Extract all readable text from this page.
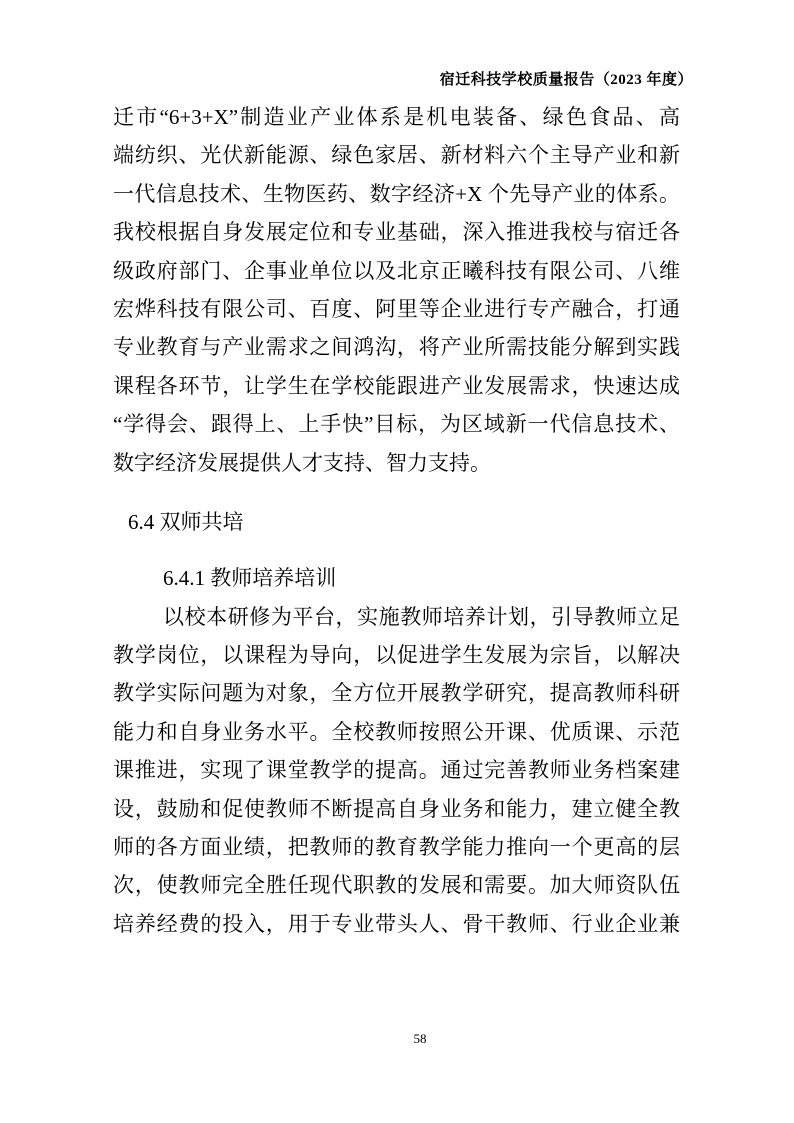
宿迁科技学校质量报告（2023 年度）
迁市“6+3+X”制造业产业体系是机电装备、绿色食品、高
端纺织、光伏新能源、绿色家居、新材料六个主导产业和新
一代信息技术、生物医药、数字经济+X 个先导产业的体系。
我校根据自身发展定位和专业基础，深入推进我校与宿迁各
级政府部门、企事业单位以及北京正曦科技有限公司、八维
宏烨科技有限公司、百度、阿里等企业进行专产融合，打通
专业教育与产业需求之间鸿沟，将产业所需技能分解到实践
课程各环节，让学生在学校能跟进产业发展需求，快速达成
“学得会、跟得上、上手快”目标，为区域新一代信息技术、
数字经济发展提供人才支持、智力支持。
6.4 双师共培
6.4.1 教师培养培训
以校本研修为平台，实施教师培养计划，引导教师立足
教学岗位，以课程为导向，以促进学生发展为宗旨，以解决
教学实际问题为对象，全方位开展教学研究，提高教师科研
能力和自身业务水平。全校教师按照公开课、优质课、示范
课推进，实现了课堂教学的提高。通过完善教师业务档案建
设，鼓励和促使教师不断提高自身业务和能力，建立健全教
师的各方面业绩，把教师的教育教学能力推向一个更高的层
次，使教师完全胜任现代职教的发展和需要。加大师资队伍
培养经费的投入，用于专业带头人、骨干教师、行业企业兼
58
